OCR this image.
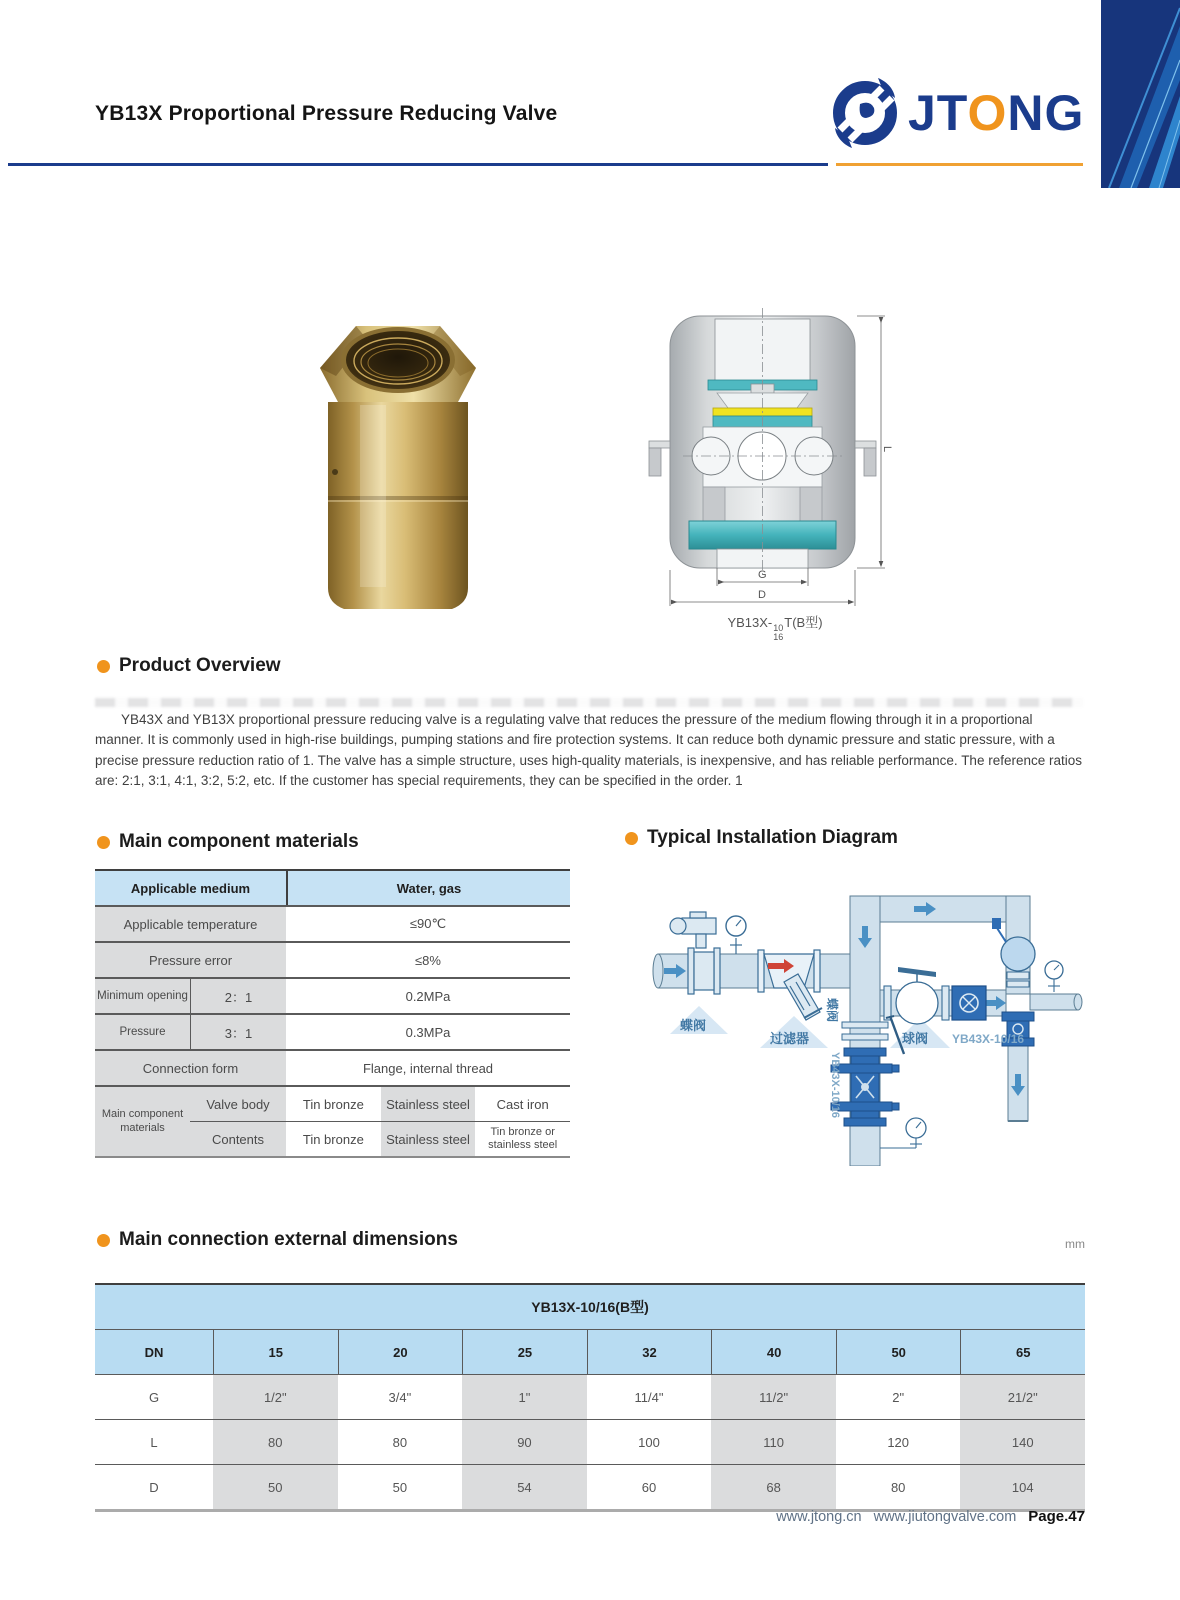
YB13X Proportional Pressure Reducing Valve	JTONG
L
G
D
YB13X- 10
16
T(B型)
Product Overview
YB43X and YB13X proportional pressure reducing valve is a regulating valve that reduces the pressure of the medium flowing through it in a proportional manner. It is commonly used in high-rise buildings, pumping stations and fire protection systems. It can reduce both dynamic pressure and static pressure, with a precise pressure reduction ratio of 1. The valve has a simple structure, uses high-quality materials, is inexpensive, and has reliable performance. The reference ratios are: 2:1, 3:1, 4:1, 3:2, 5:2, etc. If the customer has special requirements, they can be specified in the order. 1
Main component materials
Applicable medium	Water, gas
Applicable temperature	≤90℃
Pressure error	≤8%
Minimum opening	2：1	0.2MPa
Pressure	3：1	0.3MPa
Connection form	Flange, internal thread
Main component materials
Valve body	Tin bronze	Stainless steel	Cast iron
Contents	Tin bronze	Stainless steel	Tin bronze or stainless steel
Typical Installation Diagram
蝶阀
过滤器	球阀 YB43X-10/16
蝶阀
YB43X-10/16
Main connection external dimensions	mm
YB13X-10/16(B型)
DN	15	20	25	32	40	50	65
G	1/2"	3/4"	1"	11/4"	11/2"	2"	21/2"
L	80	80	90	100	110	120	140
D	50	50	54	60	68	80	104
www.jtong.cn www.jiutongvalve.com Page.47
